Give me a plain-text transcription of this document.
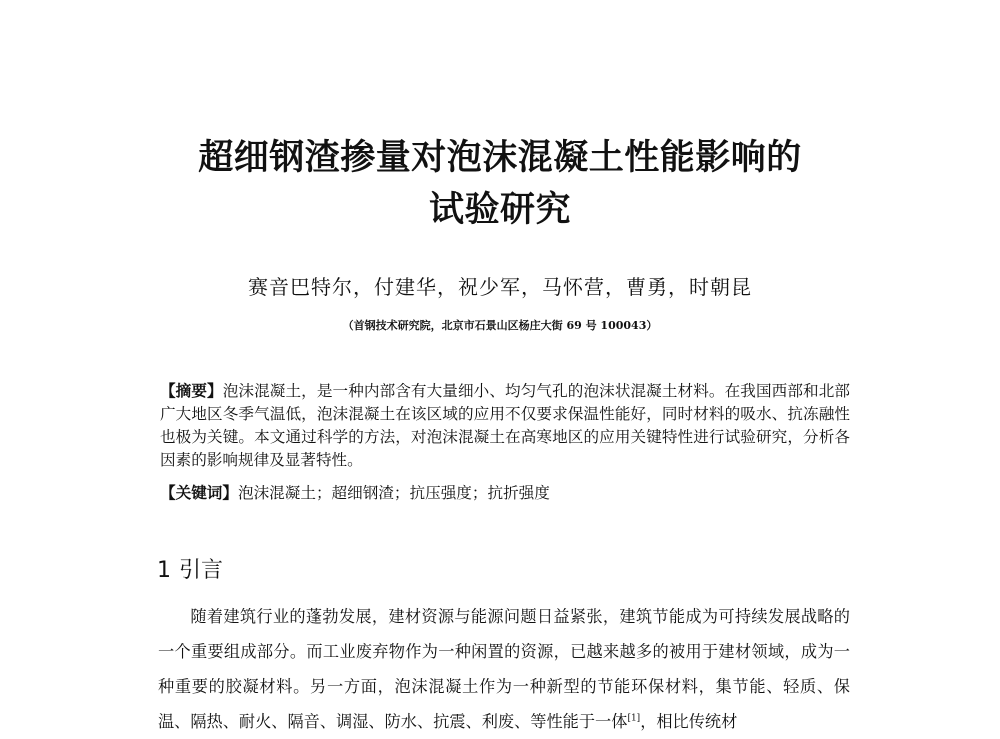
超细钢渣掺量对泡沫混凝土性能影响的
试验研究
赛音巴特尔，付建华，祝少军，马怀营，曹勇，时朝昆
（首钢技术研究院，北京市石景山区杨庄大街 69 号 100043）

【摘要】泡沫混凝土，是一种内部含有大量细小、均匀气孔的泡沫状混凝土材料。在我国西部和北部广大地区冬季气温低，泡沫混凝土在该区域的应用不仅要求保温性能好，同时材料的吸水、抗冻融性也极为关键。本文通过科学的方法，对泡沫混凝土在高寒地区的应用关键特性进行试验研究，分析各因素的影响规律及显著特性。

【关键词】泡沫混凝土；超细钢渣；抗压强度；抗折强度
1 引言

随着建筑行业的蓬勃发展，建材资源与能源问题日益紧张，建筑节能成为可持续发展战略的一个重要组成部分。而工业废弃物作为一种闲置的资源，已越来越多的被用于建材领域，成为一种重要的胶凝材料。另一方面，泡沫混凝土作为一种新型的节能环保材料，集节能、轻质、保温、隔热、耐火、隔音、调湿、防水、抗震、利废、等性能于一体[1]，相比传统材
